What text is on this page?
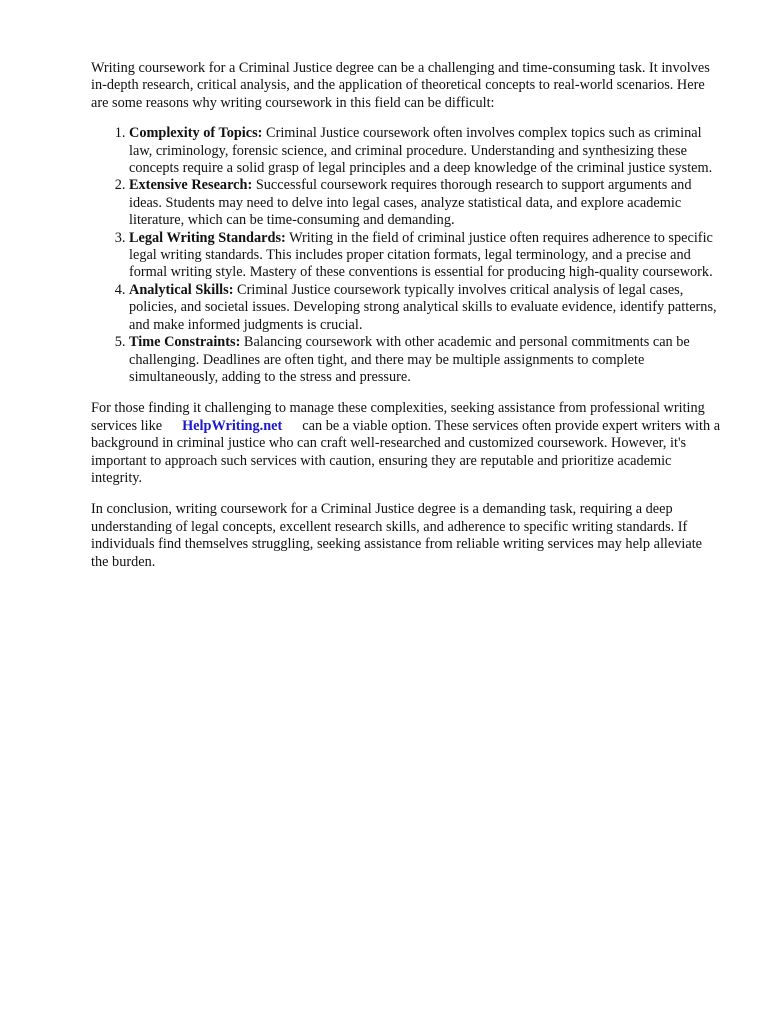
Writing coursework for a Criminal Justice degree can be a challenging and time-consuming task. It involves in-depth research, critical analysis, and the application of theoretical concepts to real-world scenarios. Here are some reasons why writing coursework in this field can be difficult:

1. Complexity of Topics: Criminal Justice coursework often involves complex topics such as criminal law, criminology, forensic science, and criminal procedure. Understanding and synthesizing these concepts require a solid grasp of legal principles and a deep knowledge of the criminal justice system.
2. Extensive Research: Successful coursework requires thorough research to support arguments and ideas. Students may need to delve into legal cases, analyze statistical data, and explore academic literature, which can be time-consuming and demanding.
3. Legal Writing Standards: Writing in the field of criminal justice often requires adherence to specific legal writing standards. This includes proper citation formats, legal terminology, and a precise and formal writing style. Mastery of these conventions is essential for producing high-quality coursework.
4. Analytical Skills: Criminal Justice coursework typically involves critical analysis of legal cases, policies, and societal issues. Developing strong analytical skills to evaluate evidence, identify patterns, and make informed judgments is crucial.
5. Time Constraints: Balancing coursework with other academic and personal commitments can be challenging. Deadlines are often tight, and there may be multiple assignments to complete simultaneously, adding to the stress and pressure.

For those finding it challenging to manage these complexities, seeking assistance from professional writing services like HelpWriting.net can be a viable option. These services often provide expert writers with a background in criminal justice who can craft well-researched and customized coursework. However, it's important to approach such services with caution, ensuring they are reputable and prioritize academic integrity.

In conclusion, writing coursework for a Criminal Justice degree is a demanding task, requiring a deep understanding of legal concepts, excellent research skills, and adherence to specific writing standards. If individuals find themselves struggling, seeking assistance from reliable writing services may help alleviate the burden.
